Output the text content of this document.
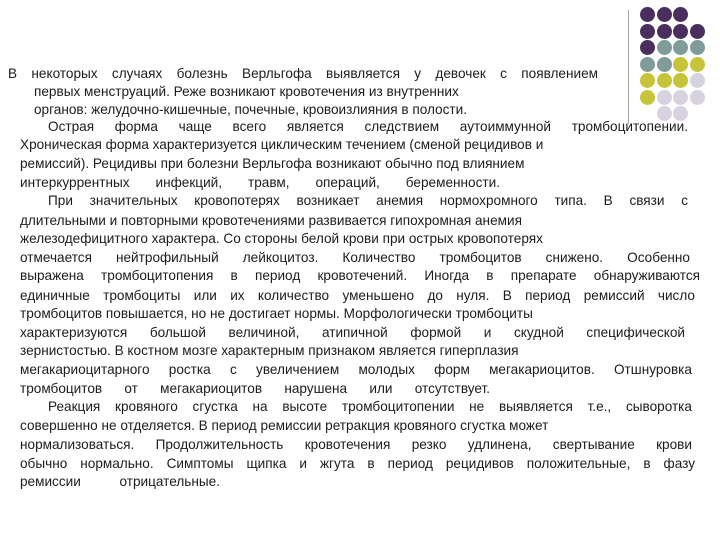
В некоторых случаях болезнь Верльгофа выявляется у девочек с появлением
первых менструаций. Реже возникают кровотечения из внутренних
органов: желудочно-кишечные, почечные, кровоизлияния в полости.
Острая форма чаще всего является следствием аутоиммунной тромбоцитопении.
Хроническая форма характеризуется циклическим течением (сменой рецидивов и
ремиссий). Рецидивы при болезни Верльгофа возникают обычно под влиянием
интеркуррентных инфекций, травм, операций, беременности.
При значительных кровопотерях возникает анемия нормохромного типа. В связи с
длительными и повторными кровотечениями развивается гипохромная анемия
железодефицитного характера. Со стороны белой крови при острых кровопотерях
отмечается нейтрофильный лейкоцитоз. Количество тромбоцитов снижено. Особенно
выражена тромбоцитопения в период кровотечений. Иногда в препарате обнаруживаются
единичные тромбоциты или их количество уменьшено до нуля. В период ремиссий число
тромбоцитов повышается, но не достигает нормы. Морфологически тромбоциты
характеризуются большой величиной, атипичной формой и скудной специфической
зернистостью. В костном мозге характерным признаком является гиперплазия
мегакариоцитарного ростка с увеличением молодых форм мегакариоцитов. Отшнуровка
тромбоцитов от мегакариоцитов нарушена или отсутствует.
Реакция кровяного сгустка на высоте тромбоцитопении не выявляется т.е., сыворотка
совершенно не отделяется. В период ремиссии ретракция кровяного сгустка может
нормализоваться. Продолжительность кровотечения резко удлинена, свертывание крови
обычно нормально. Симптомы щипка и жгута в период рецидивов положительные, в фазу
ремиссии отрицательные.
